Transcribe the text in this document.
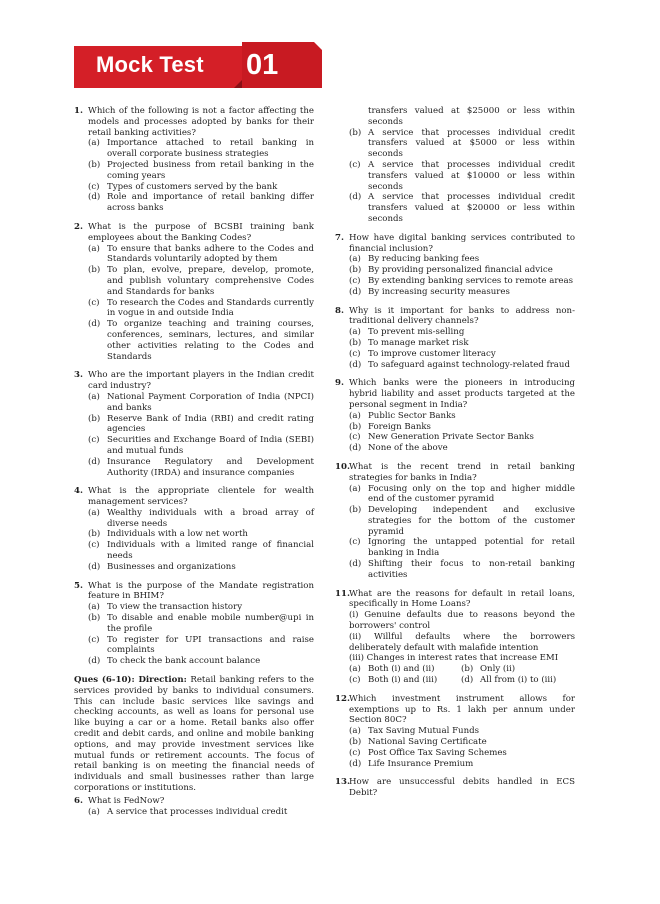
Mock Test 01
1. Which of the following is not a factor affecting the models and processes adopted by banks for their retail banking activities?
(a) Importance attached to retail banking in overall corporate business strategies
(b) Projected business from retail banking in the coming years
(c) Types of customers served by the bank
(d) Role and importance of retail banking differ across banks
2. What is the purpose of BCSBI training bank employees about the Banking Codes?
(a) To ensure that banks adhere to the Codes and Standards voluntarily adopted by them
(b) To plan, evolve, prepare, develop, promote, and publish voluntary comprehensive Codes and Standards for banks
(c) To research the Codes and Standards currently in vogue in and outside India
(d) To organize teaching and training courses, conferences, seminars, lectures, and similar other activities relating to the Codes and Standards
3. Who are the important players in the Indian credit card industry?
(a) National Payment Corporation of India (NPCI) and banks
(b) Reserve Bank of India (RBI) and credit rating agencies
(c) Securities and Exchange Board of India (SEBI) and mutual funds
(d) Insurance Regulatory and Development Authority (IRDA) and insurance companies
4. What is the appropriate clientele for wealth management services?
(a) Wealthy individuals with a broad array of diverse needs
(b) Individuals with a low net worth
(c) Individuals with a limited range of financial needs
(d) Businesses and organizations
5. What is the purpose of the Mandate registration feature in BHIM?
(a) To view the transaction history
(b) To disable and enable mobile number@upi in the profile
(c) To register for UPI transactions and raise complaints
(d) To check the bank account balance
Ques (6-10): Direction: Retail banking refers to the services provided by banks to individual consumers. This can include basic services like savings and checking accounts, as well as loans for personal use like buying a car or a home. Retail banks also offer credit and debit cards, and online and mobile banking options, and may provide investment services like mutual funds or retirement accounts. The focus of retail banking is on meeting the financial needs of individuals and small businesses rather than large corporations or institutions.
6. What is FedNow?
(a) A service that processes individual credit
transfers valued at $25000 or less within seconds
(b) A service that processes individual credit transfers valued at $5000 or less within seconds
(c) A service that processes individual credit transfers valued at $10000 or less within seconds
(d) A service that processes individual credit transfers valued at $20000 or less within seconds
7. How have digital banking services contributed to financial inclusion?
(a) By reducing banking fees
(b) By providing personalized financial advice
(c) By extending banking services to remote areas
(d) By increasing security measures
8. Why is it important for banks to address non-traditional delivery channels?
(a) To prevent mis-selling
(b) To manage market risk
(c) To improve customer literacy
(d) To safeguard against technology-related fraud
9. Which banks were the pioneers in introducing hybrid liability and asset products targeted at the personal segment in India?
(a) Public Sector Banks
(b) Foreign Banks
(c) New Generation Private Sector Banks
(d) None of the above
10. What is the recent trend in retail banking strategies for banks in India?
(a) Focusing only on the top and higher middle end of the customer pyramid
(b) Developing independent and exclusive strategies for the bottom of the customer pyramid
(c) Ignoring the untapped potential for retail banking in India
(d) Shifting their focus to non-retail banking activities
11. What are the reasons for default in retail loans, specifically in Home Loans?
(i) Genuine defaults due to reasons beyond the borrowers' control
(ii) Willful defaults where the borrowers deliberately default with malafide intention
(iii) Changes in interest rates that increase EMI
(a) Both (i) and (ii)	(b) Only (ii)
(c) Both (i) and (iii)	(d) All from (i) to (iii)
12. Which investment instrument allows for exemptions up to Rs. 1 lakh per annum under Section 80C?
(a) Tax Saving Mutual Funds
(b) National Saving Certificate
(c) Post Office Tax Saving Schemes
(d) Life Insurance Premium
13. How are unsuccessful debits handled in ECS Debit?
